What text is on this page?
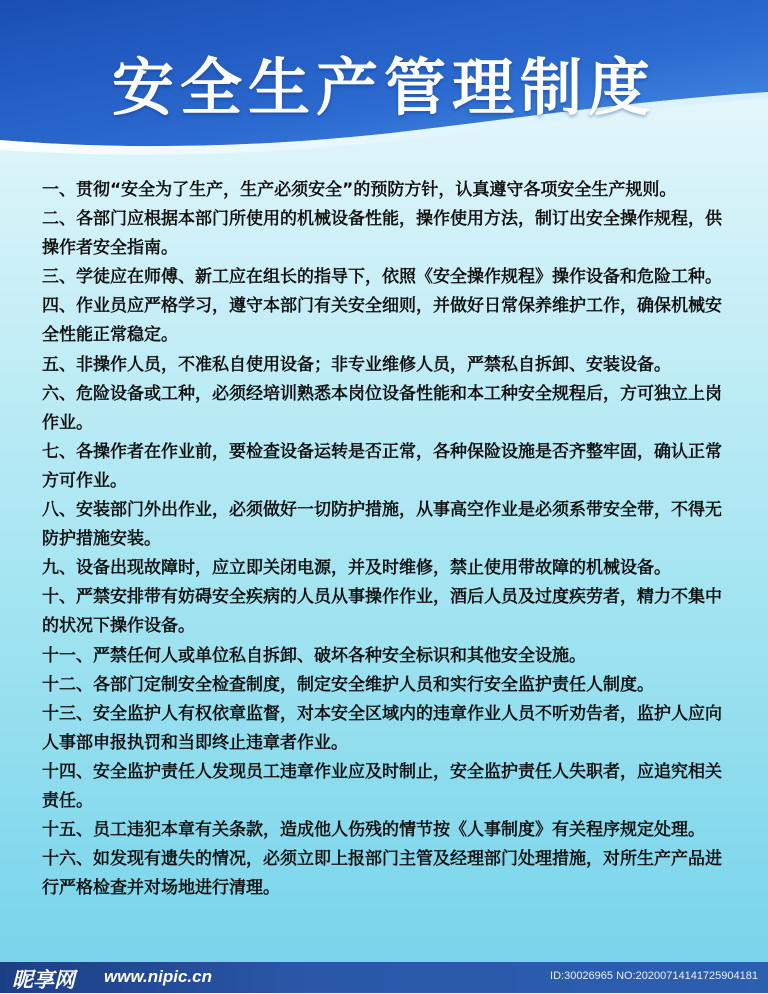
安全生产管理制度

一、贯彻“安全为了生产，生产必须安全”的预防方针，认真遵守各项安全生产规则。

二、各部门应根据本部门所使用的机械设备性能，操作使用方法，制订出安全操作规程，供操作者安全指南。

三、学徒应在师傅、新工应在组长的指导下，依照《安全操作规程》操作设备和危险工种。

四、作业员应严格学习，遵守本部门有关安全细则，并做好日常保养维护工作，确保机械安全性能正常稳定。

五、非操作人员，不准私自使用设备；非专业维修人员，严禁私自拆卸、安装设备。

六、危险设备或工种，必须经培训熟悉本岗位设备性能和本工种安全规程后，方可独立上岗作业。

七、各操作者在作业前，要检查设备运转是否正常，各种保险设施是否齐整牢固，确认正常方可作业。

八、安装部门外出作业，必须做好一切防护措施，从事高空作业是必须系带安全带，不得无防护措施安装。

九、设备出现故障时，应立即关闭电源，并及时维修，禁止使用带故障的机械设备。

十、严禁安排带有妨碍安全疾病的人员从事操作作业，酒后人员及过度疾劳者，精力不集中的状况下操作设备。

十一、严禁任何人或单位私自拆卸、破坏各种安全标识和其他安全设施。

十二、各部门定制安全检查制度，制定安全维护人员和实行安全监护责任人制度。

十三、安全监护人有权依章监督，对本安全区域内的违章作业人员不听劝告者，监护人应向人事部申报执罚和当即终止违章者作业。

十四、安全监护责任人发现员工违章作业应及时制止，安全监护责任人失职者，应追究相关责任。

十五、员工违犯本章有关条款，造成他人伤残的情节按《人事制度》有关程序规定处理。

十六、如发现有遗失的情况，必须立即上报部门主管及经理部门处理措施，对所生产产品进行严格检查并对场地进行清理。

昵享网 www.nipic.cn	ID:30026965 NO:20200714141725904181
